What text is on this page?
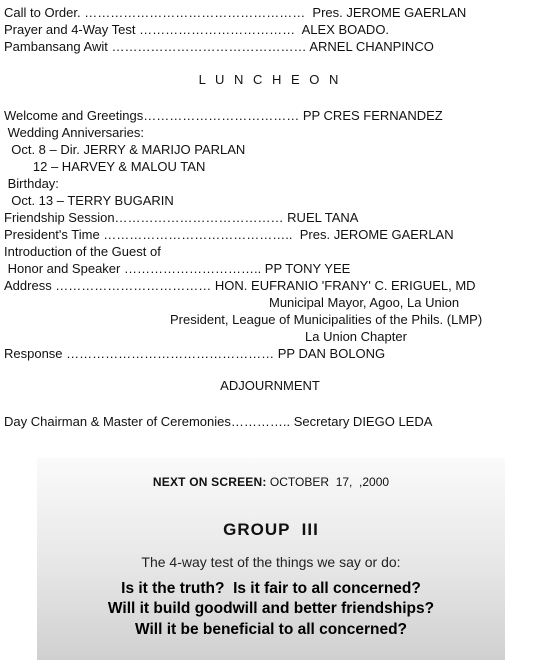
Call to Order. ……………………………………………  Pres. JEROME GAERLAN
Prayer and 4-Way Test ………………………………  ALEX BOADO.
Pambansang Awit ……………………………………… ARNEL CHANPINCO
L U N C H E O N
Welcome and Greetings……………………………… PP CRES FERNANDEZ
Wedding Anniversaries:
Oct. 8 – Dir. JERRY & MARIJO PARLAN
12 – HARVEY & MALOU TAN
Birthday:
Oct. 13 – TERRY BUGARIN
Friendship Session………………………………… RUEL TANA
President's Time ……………………………………..  Pres. JEROME GAERLAN
Introduction of the Guest of
Honor and Speaker ………………………….. PP TONY YEE
Address ……………………………… HON. EUFRANIO 'FRANY' C. ERIGUEL, MD
Municipal Mayor, Agoo, La Union
President, League of Municipalities of the Phils. (LMP)
La Union Chapter
Response ………………………………………… PP DAN BOLONG
ADJOURNMENT
Day Chairman & Master of Ceremonies………….. Secretary DIEGO LEDA
NEXT ON SCREEN: OCTOBER  17,  ,2000
GROUP  III
The 4-way test of the things we say or do:
Is it the truth?  Is it fair to all concerned?
Will it build goodwill and better friendships?
Will it be beneficial to all concerned?
